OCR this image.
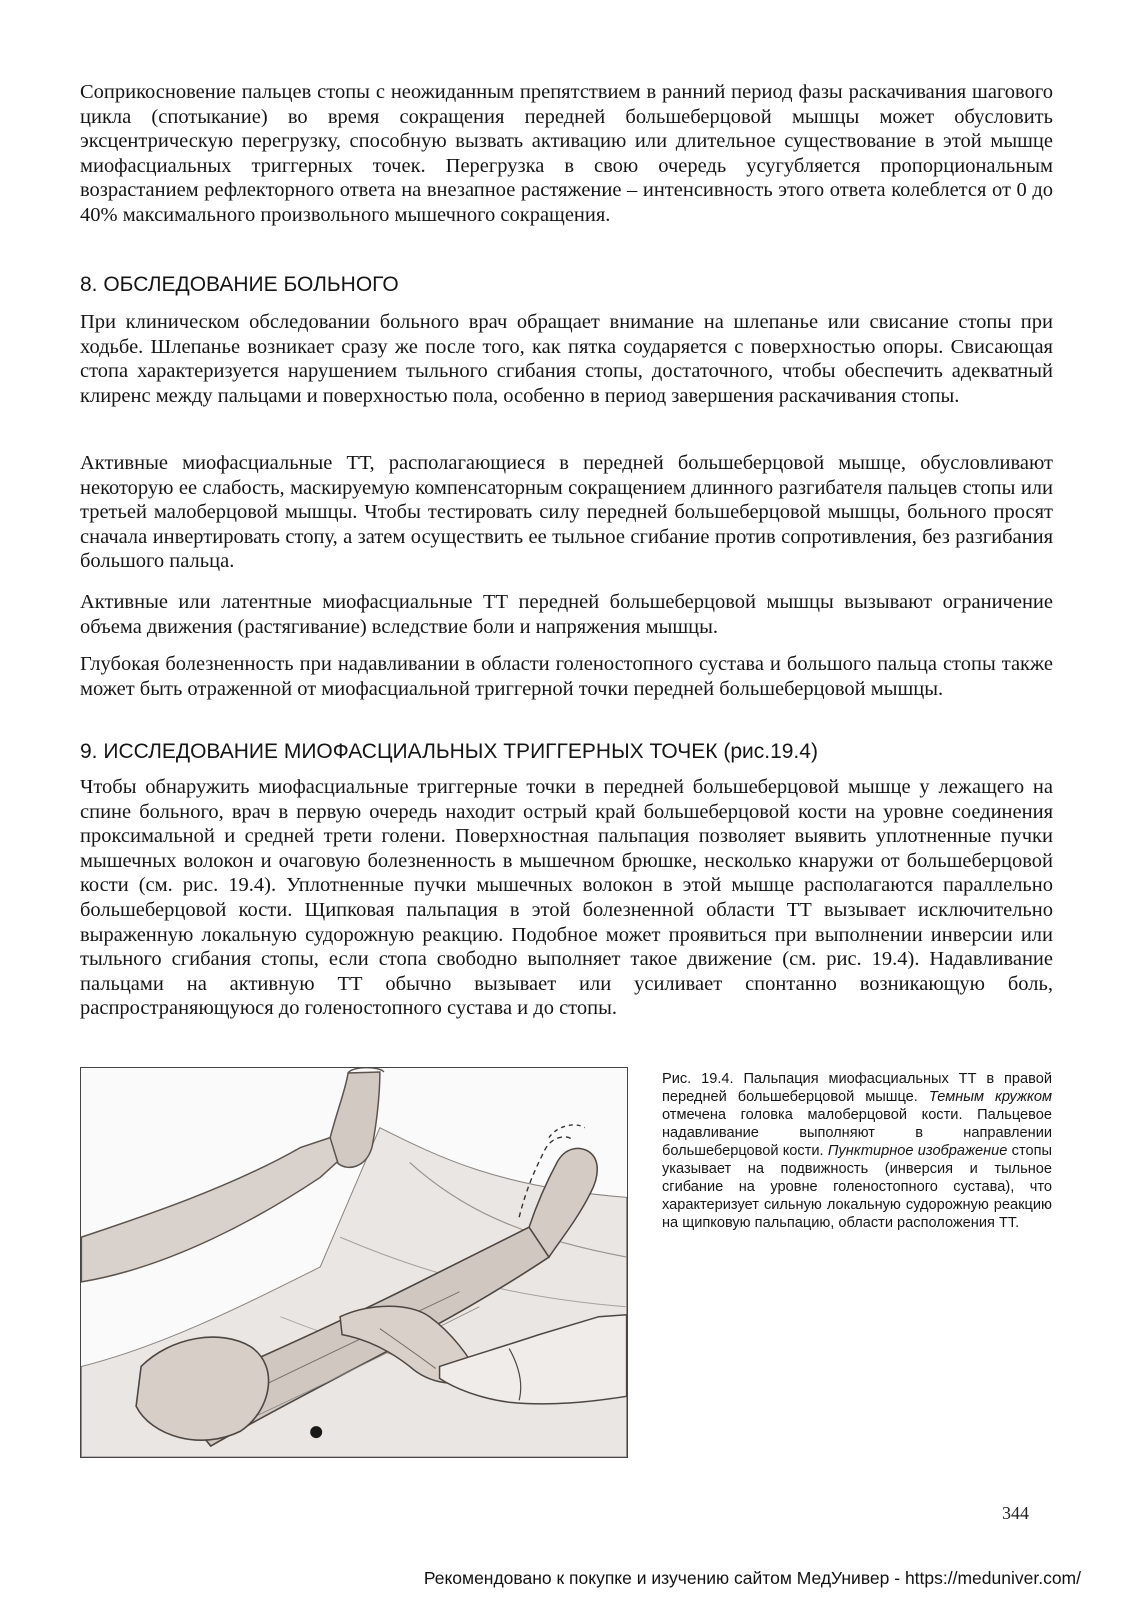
Соприкосновение пальцев стопы с неожиданным препятствием в ранний период фазы раскачивания шагового цикла (спотыкание) во время сокращения передней большеберцовой мышцы может обусловить эксцентрическую перегрузку, способную вызвать активацию или длительное существование в этой мышце миофасциальных триггерных точек. Перегрузка в свою очередь усугубляется пропорциональным возрастанием рефлекторного ответа на внезапное растяжение – интенсивность этого ответа колеблется от 0 до 40% максимального произвольного мышечного сокращения.

8. ОБСЛЕДОВАНИЕ БОЛЬНОГО

При клиническом обследовании больного врач обращает внимание на шлепанье или свисание стопы при ходьбе. Шлепанье возникает сразу же после того, как пятка соударяется с поверхностью опоры. Свисающая стопа характеризуется нарушением тыльного сгибания стопы, достаточного, чтобы обеспечить адекватный клиренс между пальцами и поверхностью пола, особенно в период завершения раскачивания стопы.

Активные миофасциальные ТТ, располагающиеся в передней большеберцовой мышце, обусловливают некоторую ее слабость, маскируемую компенсаторным сокращением длинного разгибателя пальцев стопы или третьей малоберцовой мышцы. Чтобы тестировать силу передней большеберцовой мышцы, больного просят сначала инвертировать стопу, а затем осуществить ее тыльное сгибание против сопротивления, без разгибания большого пальца.

Активные или латентные миофасциальные ТТ передней большеберцовой мышцы вызывают ограничение объема движения (растягивание) вследствие боли и напряжения мышцы.

Глубокая болезненность при надавливании в области голеностопного сустава и большого пальца стопы также может быть отраженной от миофасциальной триггерной точки передней большеберцовой мышцы.

9. ИССЛЕДОВАНИЕ МИОФАСЦИАЛЬНЫХ ТРИГГЕРНЫХ ТОЧЕК (рис.19.4)

Чтобы обнаружить миофасциальные триггерные точки в передней большеберцовой мышце у лежащего на спине больного, врач в первую очередь находит острый край большеберцовой кости на уровне соединения проксимальной и средней трети голени. Поверхностная пальпация позволяет выявить уплотненные пучки мышечных волокон и очаговую болезненность в мышечном брюшке, несколько кнаружи от большеберцовой кости (см. рис. 19.4). Уплотненные пучки мышечных волокон в этой мышце располагаются параллельно большеберцовой кости. Щипковая пальпация в этой болезненной области ТТ вызывает исключительно выраженную локальную судорожную реакцию. Подобное может проявиться при выполнении инверсии или тыльного сгибания стопы, если стопа свободно выполняет такое движение (см. рис. 19.4). Надавливание пальцами на активную ТТ обычно вызывает или усиливает спонтанно возникающую боль, распространяющуюся до голеностопного сустава и до стопы.

Рис. 19.4. Пальпация миофасциальных ТТ в правой передней большеберцовой мышце. Темным кружком отмечена головка малоберцовой кости. Пальцевое надавливание выполняют в направлении большеберцовой кости. Пунктирное изображение стопы указывает на подвижность (инверсия и тыльное сгибание на уровне голеностопного сустава), что характеризует сильную локальную судорожную реакцию на щипковую пальпацию, области расположения ТТ.

344
Рекомендовано к покупке и изучению сайтом МедУнивер - https://meduniver.com/
